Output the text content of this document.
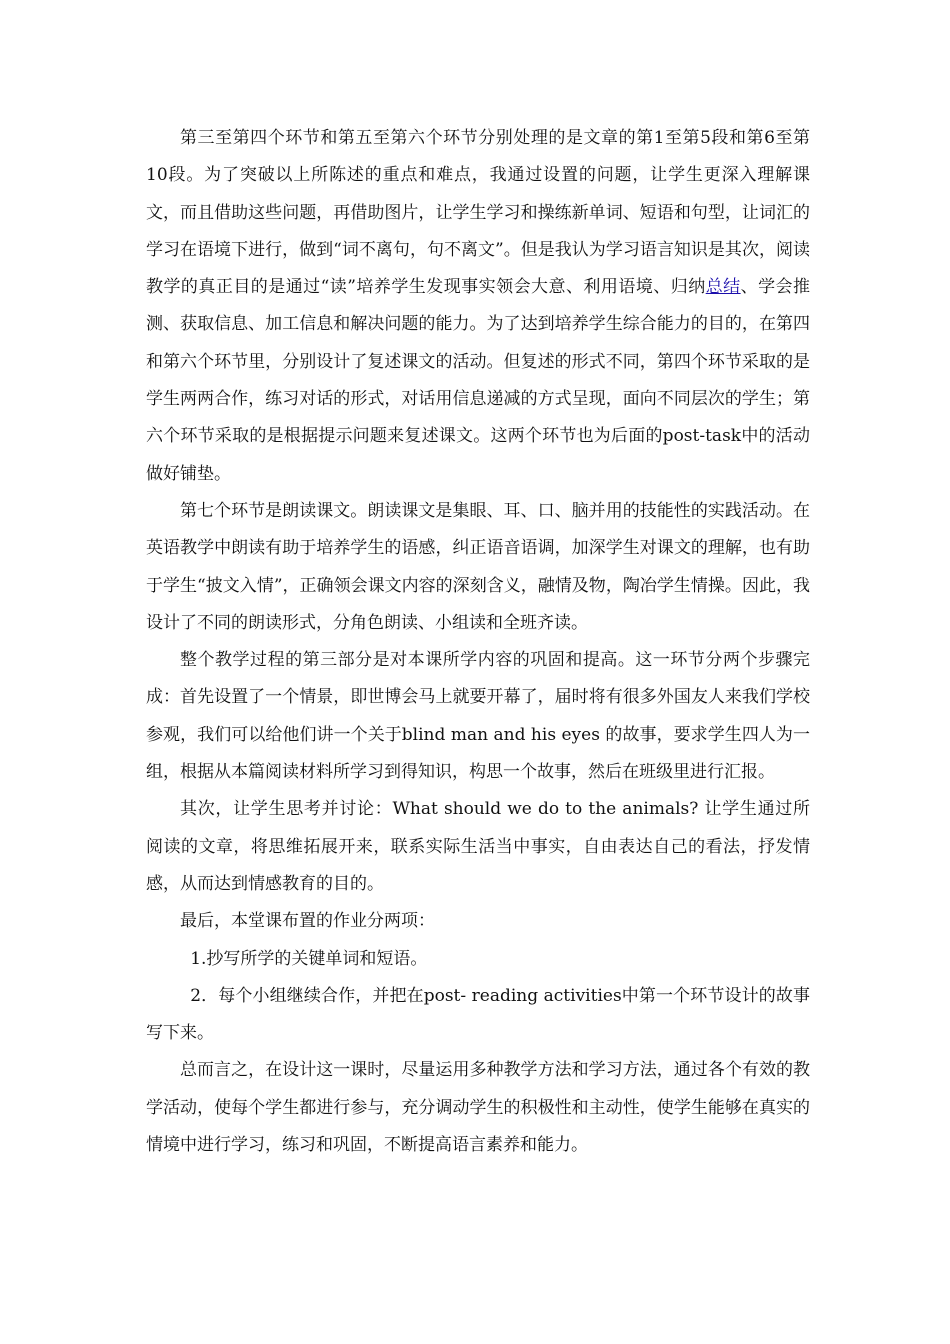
第三至第四个环节和第五至第六个环节分别处理的是文章的第1至第5段和第6至第10段。为了突破以上所陈述的重点和难点，我通过设置的问题，让学生更深入理解课文，而且借助这些问题，再借助图片，让学生学习和操练新单词、短语和句型，让词汇的学习在语境下进行，做到“词不离句，句不离文”。但是我认为学习语言知识是其次，阅读教学的真正目的是通过“读”培养学生发现事实领会大意、利用语境、归纳总结、学会推测、获取信息、加工信息和解决问题的能力。为了达到培养学生综合能力的目的，在第四和第六个环节里，分别设计了复述课文的活动。但复述的形式不同，第四个环节采取的是学生两两合作，练习对话的形式，对话用信息递减的方式呈现，面向不同层次的学生；第六个环节采取的是根据提示问题来复述课文。这两个环节也为后面的post-task中的活动做好铺垫。

第七个环节是朗读课文。朗读课文是集眼、耳、口、脑并用的技能性的实践活动。在英语教学中朗读有助于培养学生的语感，纠正语音语调，加深学生对课文的理解，也有助于学生“披文入情”，正确领会课文内容的深刻含义，融情及物，陶冶学生情操。因此，我设计了不同的朗读形式，分角色朗读、小组读和全班齐读。

整个教学过程的第三部分是对本课所学内容的巩固和提高。这一环节分两个步骤完成：首先设置了一个情景，即世博会马上就要开幕了，届时将有很多外国友人来我们学校参观，我们可以给他们讲一个关于blind man and his eyes 的故事，要求学生四人为一组，根据从本篇阅读材料所学习到得知识，构思一个故事，然后在班级里进行汇报。

其次，让学生思考并讨论：What should we do to the animals? 让学生通过所阅读的文章，将思维拓展开来，联系实际生活当中事实，自由表达自己的看法，抒发情感，从而达到情感教育的目的。

最后，本堂课布置的作业分两项：

1.抄写所学的关键单词和短语。

2．每个小组继续合作，并把在post- reading activities中第一个环节设计的故事写下来。

总而言之，在设计这一课时，尽量运用多种教学方法和学习方法，通过各个有效的教学活动，使每个学生都进行参与，充分调动学生的积极性和主动性，使学生能够在真实的情境中进行学习，练习和巩固，不断提高语言素养和能力。
